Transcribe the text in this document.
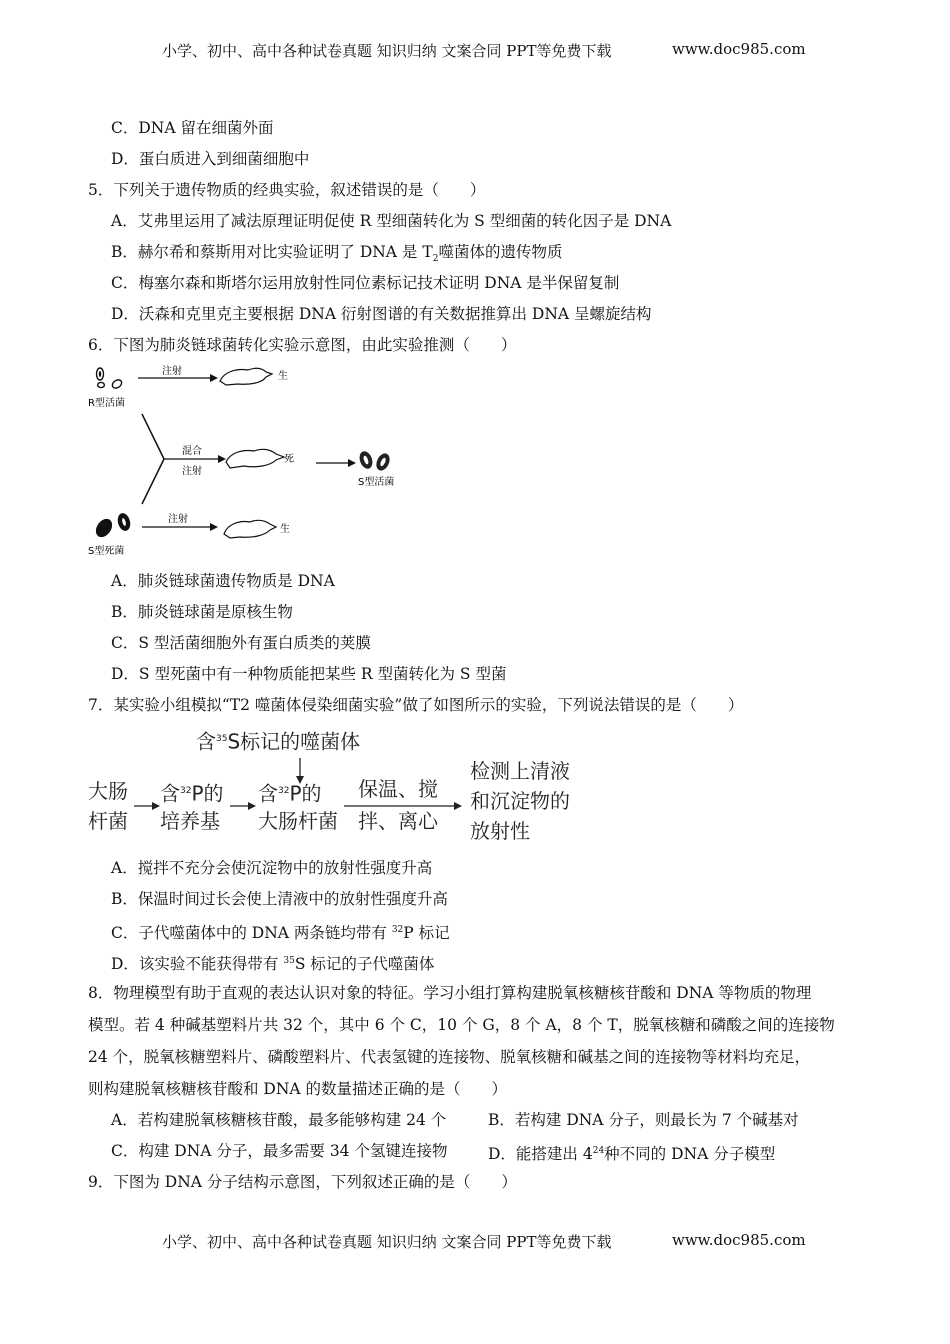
小学、初中、高中各种试卷真题 知识归纳 文案合同 PPT等免费下载	www.doc985.com
C．DNA 留在细菌外面
D．蛋白质进入到细菌细胞中
5．下列关于遗传物质的经典实验，叙述错误的是（　　）
A．艾弗里运用了减法原理证明促使 R 型细菌转化为 S 型细菌的转化因子是 DNA
B．赫尔希和蔡斯用对比实验证明了 DNA 是 $T_2$噬菌体的遗传物质
C．梅塞尔森和斯塔尔运用放射性同位素标记技术证明 DNA 是半保留复制
D．沃森和克里克主要根据 DNA 衍射图谱的有关数据推算出 DNA 呈螺旋结构
6．下图为肺炎链球菌转化实验示意图，由此实验推测（　　）
R型活菌
注射	生
混合
注射
死
S型活菌
S型死菌
注射
生
A．肺炎链球菌遗传物质是 DNA
B．肺炎链球菌是原核生物
C．S 型活菌细胞外有蛋白质类的荚膜
D．S 型死菌中有一种物质能把某些 R 型菌转化为 S 型菌
7．某实验小组模拟“T2 噬菌体侵染细菌实验”做了如图所示的实验，下列说法错误的是（　　）
含$^{35}$S标记的噬菌体
大肠
杆菌
含$^{32}$P的
培养基
含$^{32}$P的
大肠杆菌
保温、搅
拌、离心
检测上清液
和沉淀物的
放射性
A．搅拌不充分会使沉淀物中的放射性强度升高
B．保温时间过长会使上清液中的放射性强度升高
C．子代噬菌体中的 DNA 两条链均带有 $^{32}$P 标记
D．该实验不能获得带有 $^{35}$S 标记的子代噬菌体
8．物理模型有助于直观的表达认识对象的特征。学习小组打算构建脱氧核糖核苷酸和 DNA 等物质的物理
模型。若 4 种碱基塑料片共 32 个，其中 6 个 C，10 个 G，8 个 A，8 个 T，脱氧核糖和磷酸之间的连接物
24 个，脱氧核糖塑料片、磷酸塑料片、代表氢键的连接物、脱氧核糖和碱基之间的连接物等材料均充足，
则构建脱氧核糖核苷酸和 DNA 的数量描述正确的是（　　）
A．若构建脱氧核糖核苷酸，最多能够构建 24 个	B．若构建 DNA 分子，则最长为 7 个碱基对
C．构建 DNA 分子，最多需要 34 个氢键连接物	D．能搭建出 $4^{24}$种不同的 DNA 分子模型
9．下图为 DNA 分子结构示意图，下列叙述正确的是（　　）
小学、初中、高中各种试卷真题 知识归纳 文案合同 PPT等免费下载	www.doc985.com
